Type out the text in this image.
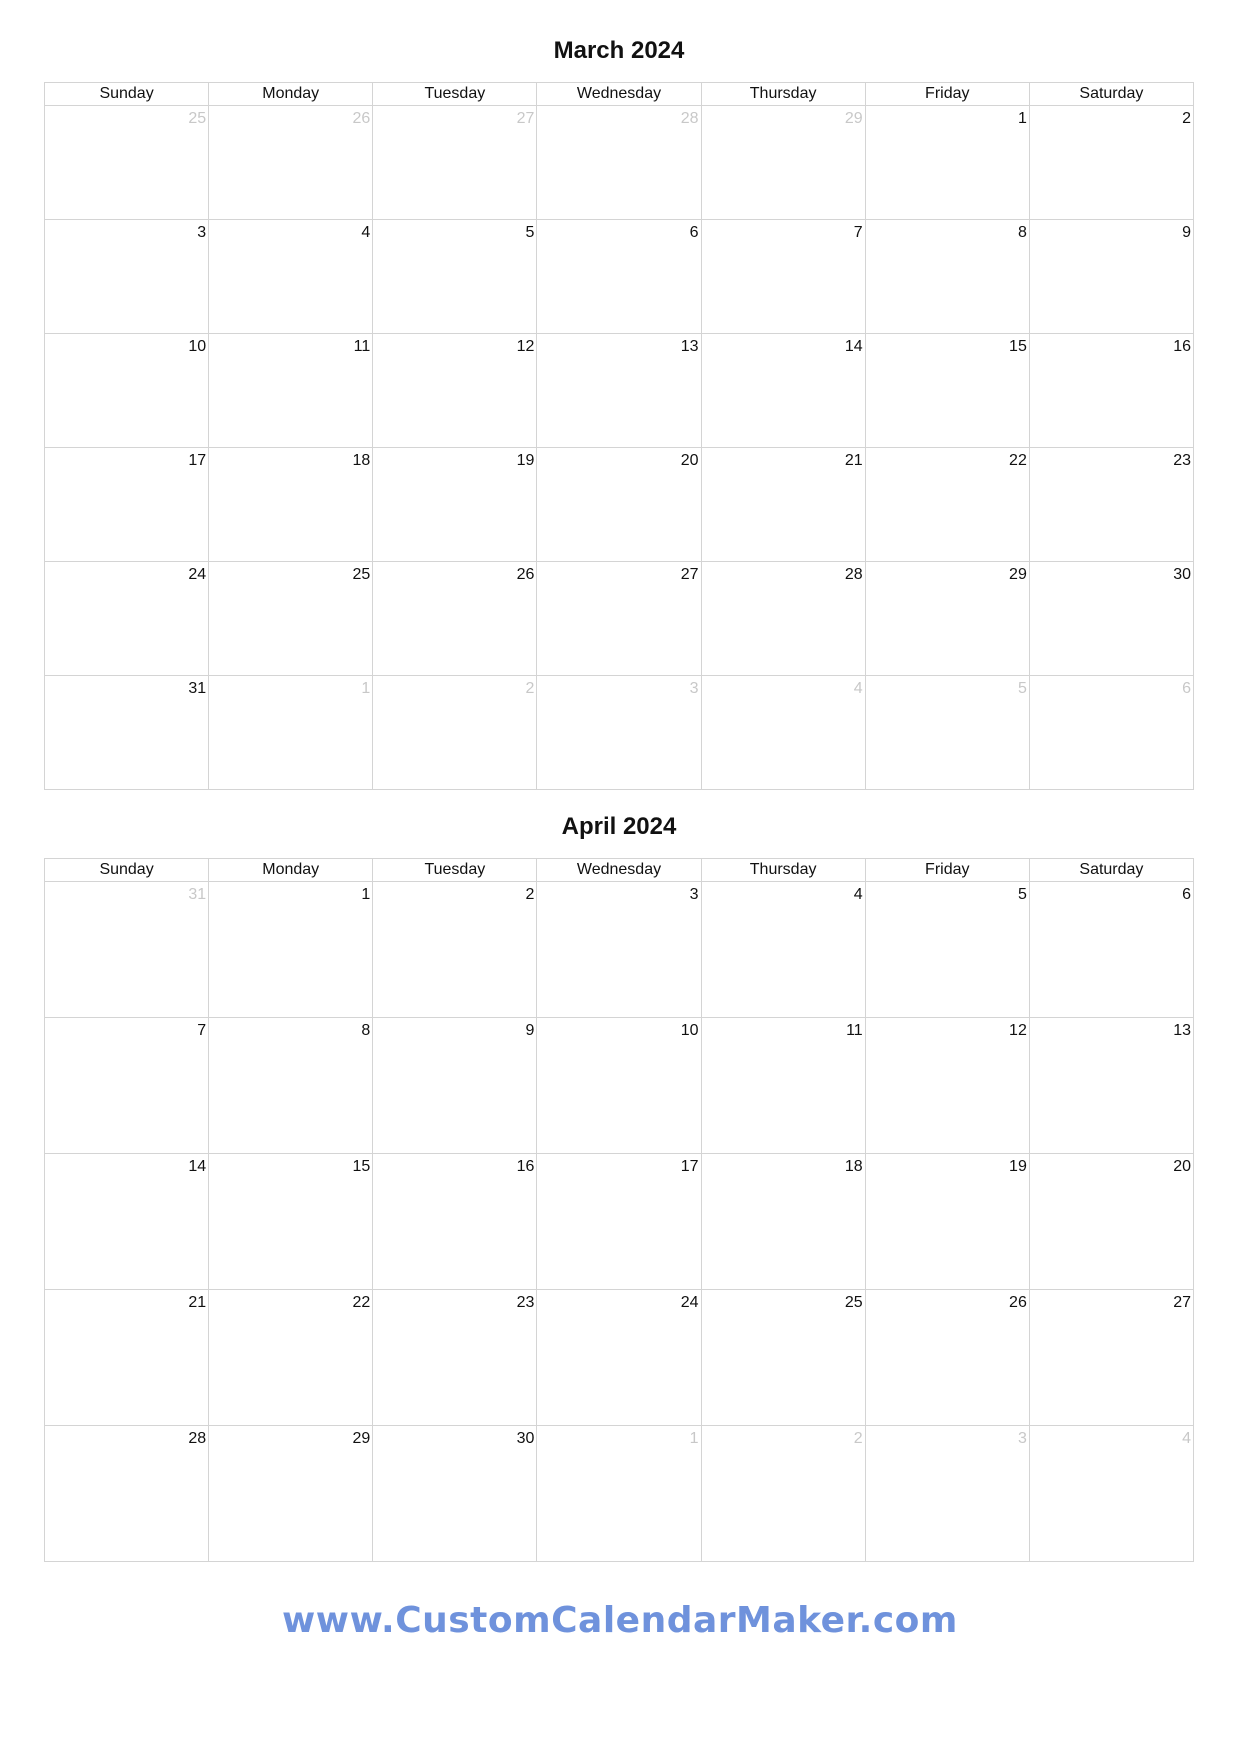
March 2024
Sunday	Monday	Tuesday	Wednesday	Thursday	Friday	Saturday
25	26	27	28	29	1	2
3	4	5	6	7	8	9
10	11	12	13	14	15	16
17	18	19	20	21	22	23
24	25	26	27	28	29	30
31	1	2	3	4	5	6
April 2024
Sunday	Monday	Tuesday	Wednesday	Thursday	Friday	Saturday
31	1	2	3	4	5	6
7	8	9	10	11	12	13
14	15	16	17	18	19	20
21	22	23	24	25	26	27
28	29	30	1	2	3	4
www.CustomCalendarMaker.com
